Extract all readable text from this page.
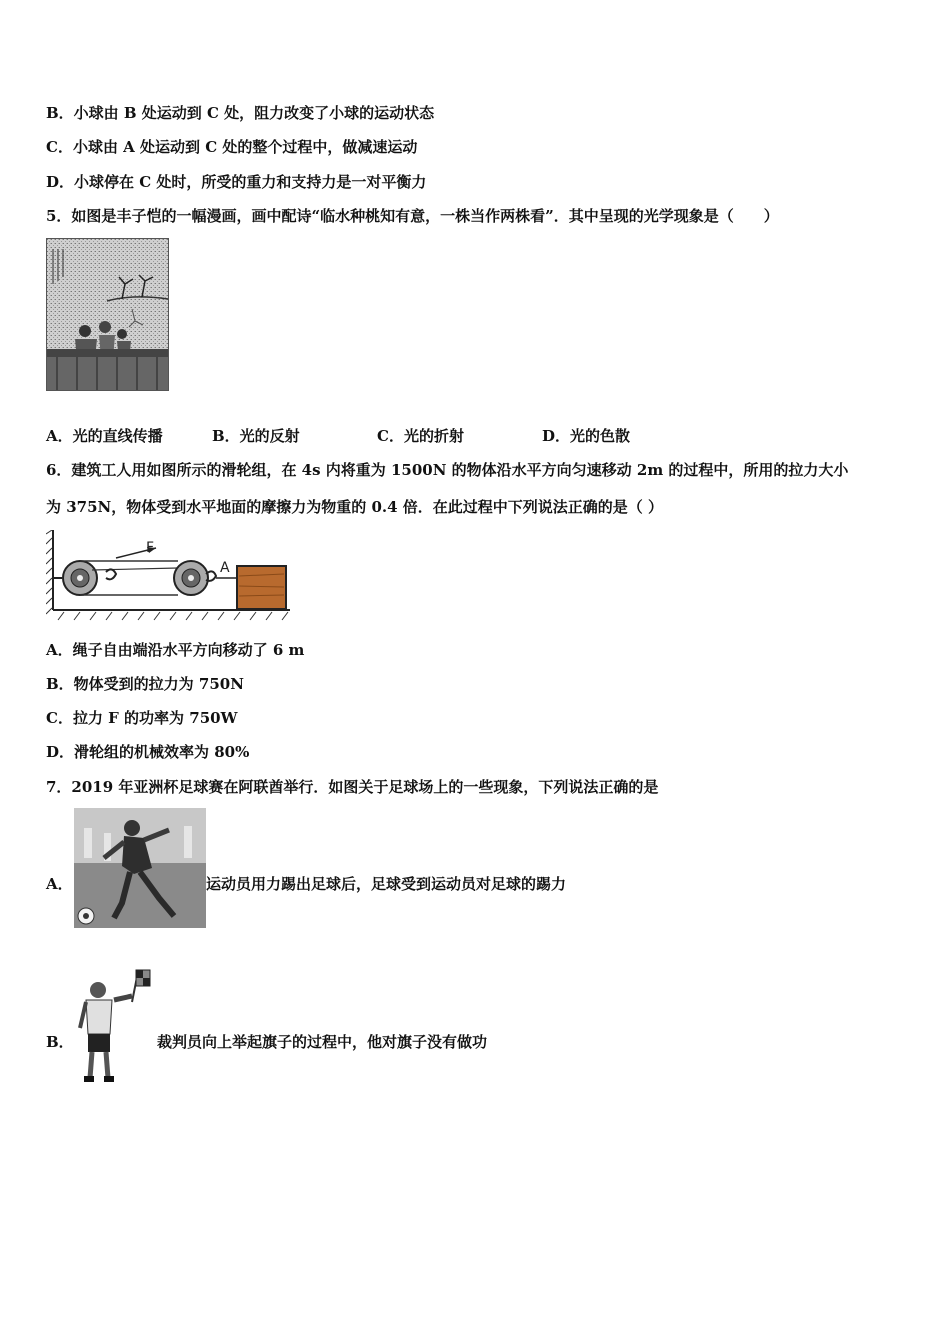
B．小球由 B 处运动到 C 处，阻力改变了小球的运动状态
C．小球由 A 处运动到 C 处的整个过程中，做减速运动
D．小球停在 C 处时，所受的重力和支持力是一对平衡力
5．如图是丰子恺的一幅漫画，画中配诗“临水种桃知有意，一株当作两株看”．其中呈现的光学现象是（　　）
A．光的直线传播	B．光的反射	C．光的折射	D．光的色散
6．建筑工人用如图所示的滑轮组，在 4s 内将重为 1500N 的物体沿水平方向匀速移动 2m 的过程中，所用的拉力大小
为 375N，物体受到水平地面的摩擦力为物重的 0.4 倍．在此过程中下列说法正确的是（ ）
F
A
A．绳子自由端沿水平方向移动了 6 m
B．物体受到的拉力为 750N
C．拉力 F 的功率为 750W
D．滑轮组的机械效率为 80%
7．2019 年亚洲杯足球赛在阿联酋举行．如图关于足球场上的一些现象，下列说法正确的是
A．	运动员用力踢出足球后，足球受到运动员对足球的踢力
B．	裁判员向上举起旗子的过程中，他对旗子没有做功
